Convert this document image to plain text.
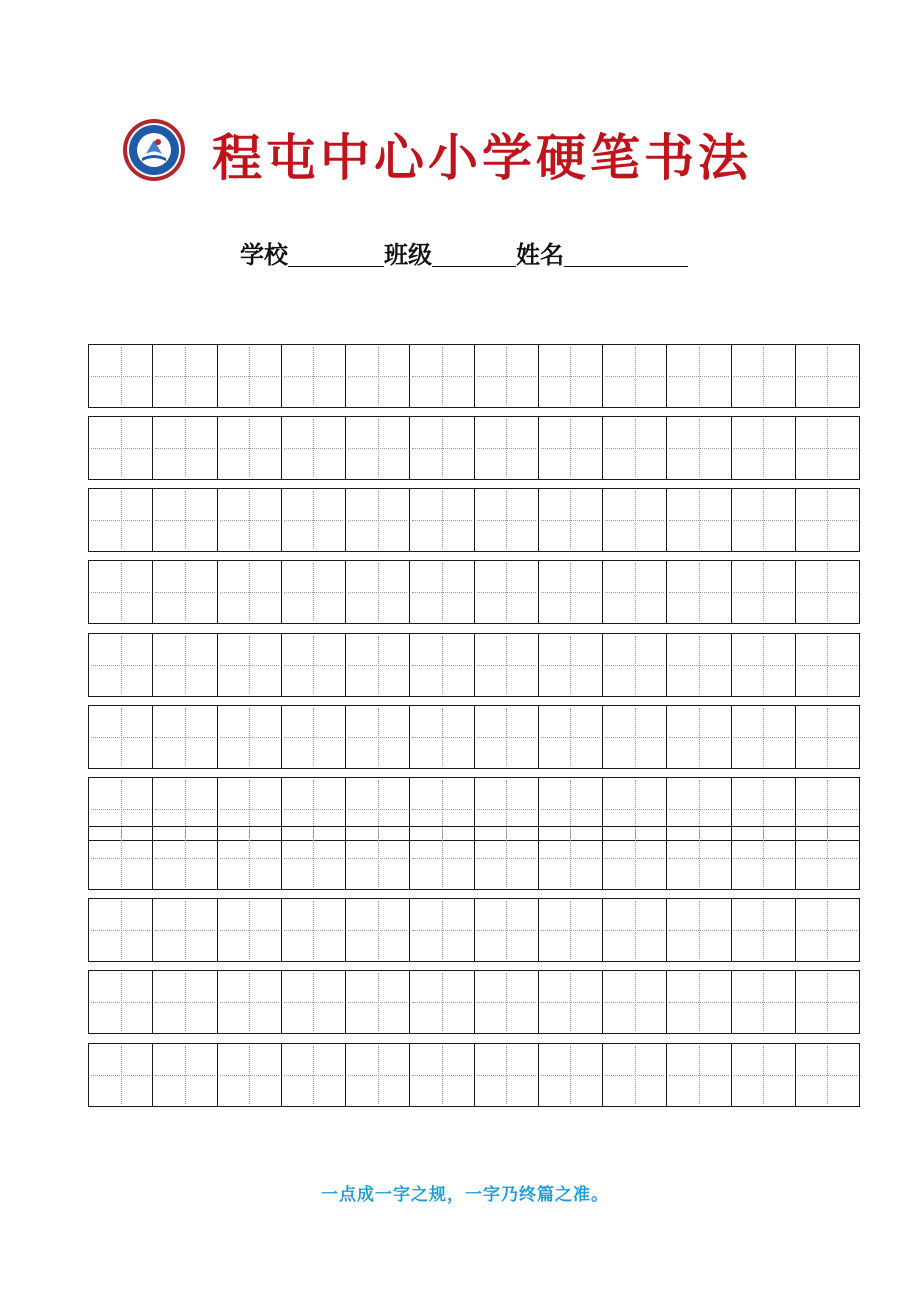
程屯中心小学硬笔书法
学校	班级	姓名
一点成一字之规，一字乃终篇之准。
